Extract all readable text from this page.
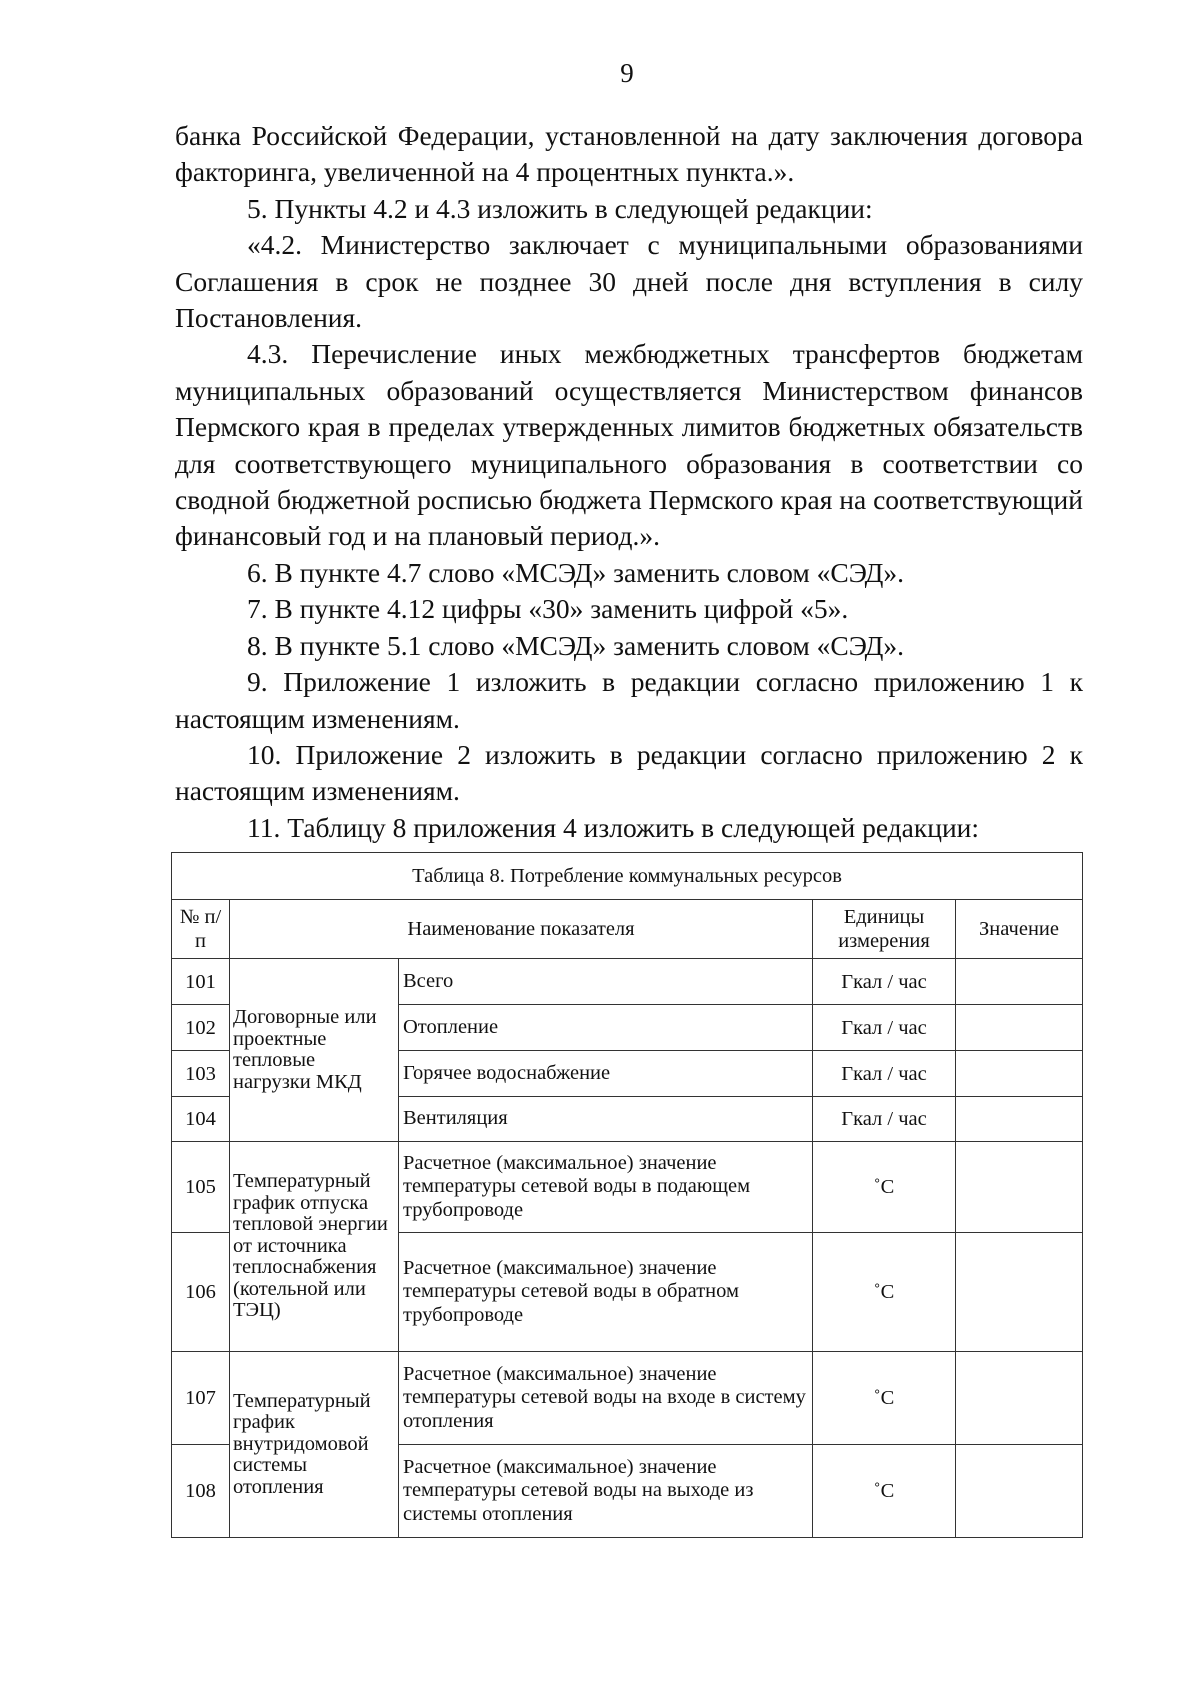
9

банка Российской Федерации, установленной на дату заключения договора факторинга, увеличенной на 4 процентных пункта.».

5. Пункты 4.2 и 4.3 изложить в следующей редакции:

«4.2. Министерство заключает с муниципальными образованиями Соглашения в срок не позднее 30 дней после дня вступления в силу Постановления.

4.3. Перечисление иных межбюджетных трансфертов бюджетам муниципальных образований осуществляется Министерством финансов Пермского края в пределах утвержденных лимитов бюджетных обязательств для соответствующего муниципального образования в соответствии со сводной бюджетной росписью бюджета Пермского края на соответствующий финансовый год и на плановый период.».

6. В пункте 4.7 слово «МСЭД» заменить словом «СЭД».

7. В пункте 4.12 цифры «30» заменить цифрой «5».

8. В пункте 5.1 слово «МСЭД» заменить словом «СЭД».

9. Приложение 1 изложить в редакции согласно приложению 1 к настоящим изменениям.

10. Приложение 2 изложить в редакции согласно приложению 2 к настоящим изменениям.

11. Таблицу 8 приложения 4 изложить в следующей редакции:

Таблица 8. Потребление коммунальных ресурсов				
№ п/п	Наименование показателя		Единицы измерения	Значение
101	Договорные или проектные тепловые нагрузки МКД	Всего	Гкал / час	
102		Отопление	Гкал / час	
103		Горячее водоснабжение	Гкал / час	
104		Вентиляция	Гкал / час	
105	Температурный график отпуска тепловой энергии от источника теплоснабжения (котельной или ТЭЦ)	Расчетное (максимальное) значение температуры сетевой воды в подающем трубопроводе	˚С	
106		Расчетное (максимальное) значение температуры сетевой воды в обратном трубопроводе	˚С	
107	Температурный график внутридомовой системы отопления	Расчетное (максимальное) значение температуры сетевой воды на входе в систему отопления	˚С	
108		Расчетное (максимальное) значение температуры сетевой воды на выходе из системы отопления	˚С	
